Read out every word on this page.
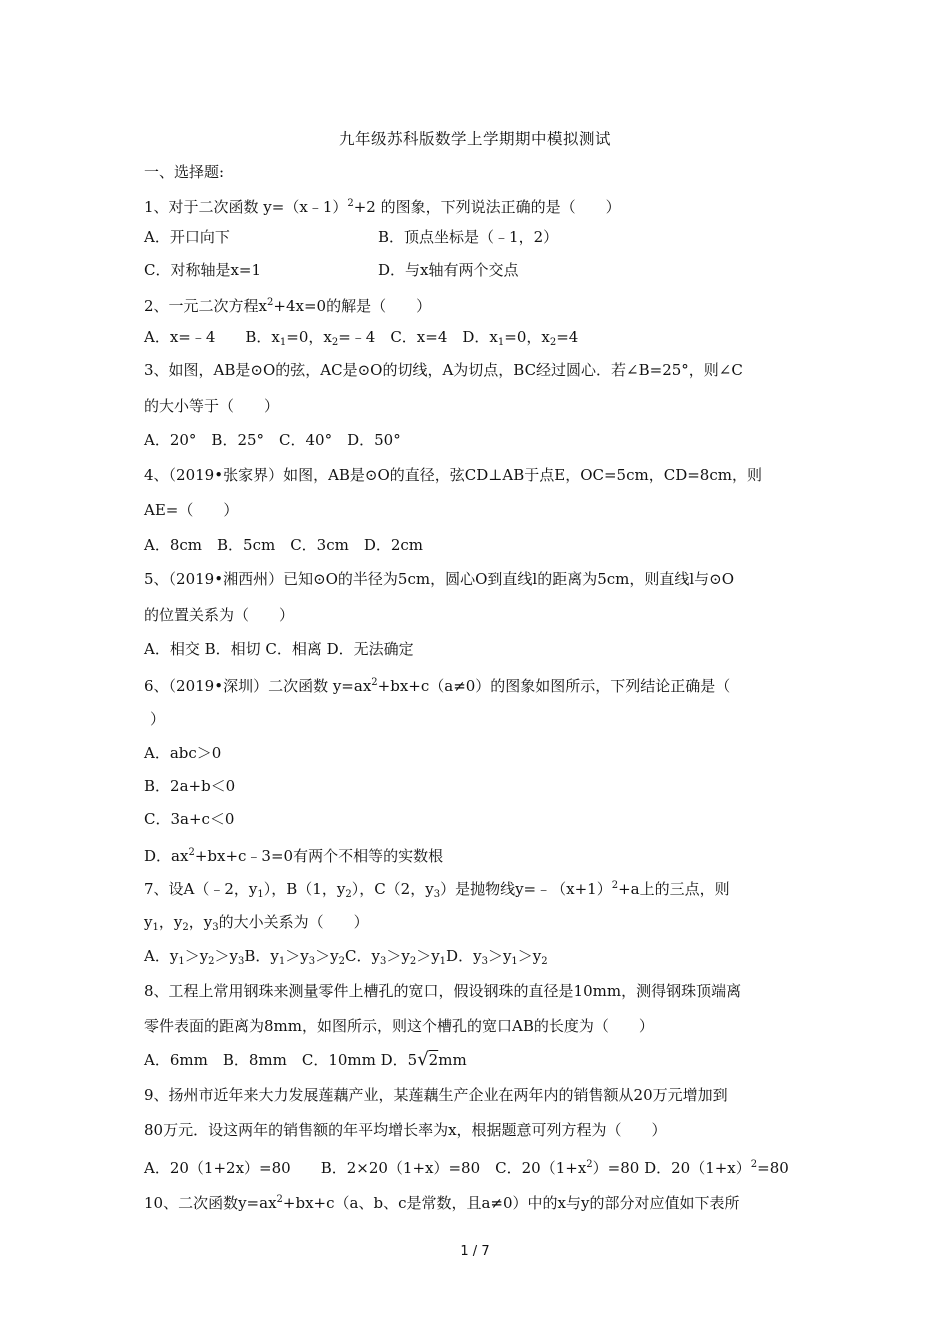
九年级苏科版数学上学期期中模拟测试
一、选择题:
1、对于二次函数 y=（x﹣1）$^2$+2 的图象，下列说法正确的是（　　）
A．开口向下	B．顶点坐标是（﹣1，2）
C．对称轴是x=1	D．与x轴有两个交点
2、一元二次方程$x^2+4x=0$的解是（　　）
A．x=﹣4　　B．$x_1=0$，$x_2=﹣4$　C．x=4　D．$x_1=0$，$x_2=4$
3、如图，AB是⊙O的弦，AC是⊙O的切线，A为切点，BC经过圆心．若∠B=25°，则∠C
的大小等于（　　）
A．20°　B．25°　C．40°　D．50°
4、（2019•张家界）如图，AB是⊙O的直径，弦CD⊥AB于点E，OC=5cm，CD=8cm，则
AE=（　　）
A．8cm　B．5cm　C．3cm　D．2cm
5、（2019•湘西州）已知⊙O的半径为5cm，圆心O到直线l的距离为5cm，则直线l与⊙O
的位置关系为（　　）
A．相交 B．相切 C．相离 D．无法确定
6、（2019•深圳）二次函数 $y=ax^2+bx+c(a\ne 0)$的图象如图所示，下列结论正确是（
）
A．abc＞0
B．2a+b＜0
C．3a+c＜0
D．$ax^2+bx+c﹣3=0$有两个不相等的实数根
7、设A（﹣2，$y_1$），B（1，$y_2$），C（2，$y_3$）是抛物线$y=﹣(x+1)^2+a$上的三点，则
$y_1$，$y_2$，$y_3$的大小关系为（　　）
A．$y_1>y_2>y_3B$．$y_1>y_3>y_2C$．$y_3>y_2>y_1D$．$y_3>y_1>y_2$
8、工程上常用钢珠来测量零件上槽孔的宽口，假设钢珠的直径是10mm，测得钢珠顶端离
零件表面的距离为8mm，如图所示，则这个槽孔的宽口AB的长度为（　　）
A．6mm　B．8mm　C．10mm D．5√2mm
9、扬州市近年来大力发展莲藕产业，某莲藕生产企业在两年内的销售额从20万元增加到
80万元．设这两年的销售额的年平均增长率为x，根据题意可列方程为（　　）
A．20（1+2x）=80　　B．2×20（1+x）=80　C．$20(1+x^2)=80$ D．$20(1+x)^2=80$
10、二次函数$y=ax^2+bx+c(a$、b、c是常数，且a≠0）中的x与y的部分对应值如下表所
1 / 7
